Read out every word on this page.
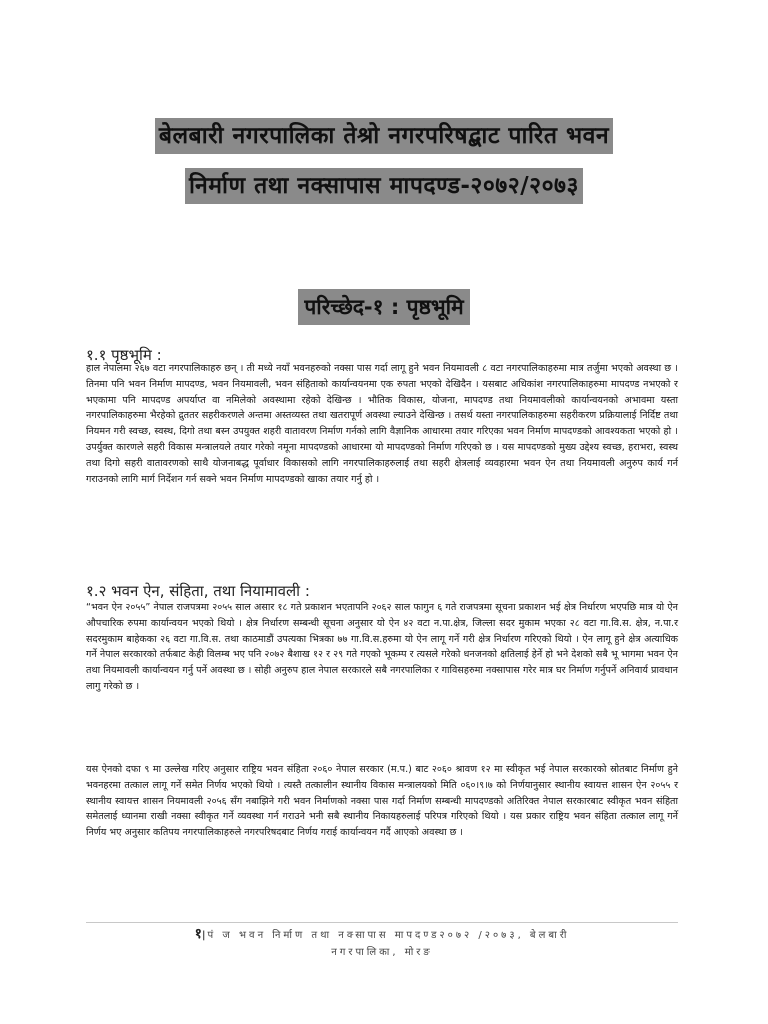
बेलबारी नगरपालिका तेश्रो नगरपरिषद्बाट पारित भवन
निर्माण तथा नक्सापास मापदण्ड-२०७२/२०७३
परिच्छेद-१ : पृष्ठभूमि
१.१ पृष्ठभूमि :

हाल नेपालमा २६७ वटा नगरपालिकाहरु छन् । ती मध्ये नयाँ भवनहरुको नक्सा पास गर्दा लागू हुने भवन नियमावली ८ वटा नगरपालिकाहरुमा मात्र तर्जुमा भएको अवस्था छ । तिनमा पनि भवन निर्माण मापदण्ड, भवन नियमावली, भवन संहिताको कार्यान्वयनमा एक रुपता भएको देखिदैन । यसबाट अधिकांश नगरपालिकाहरुमा मापदण्ड नभएको र भएकामा पनि मापदण्ड अपर्याप्त वा नमिलेको अवस्थामा रहेको देखिन्छ । भौतिक विकास, योजना, मापदण्ड तथा नियमावलीको कार्यान्वयनको अभावमा यस्ता नगरपालिकाहरुमा भैरहेको द्रुततर सहरीकरणले अन्तमा अस्तव्यस्त तथा खतरापूर्ण अवस्था ल्याउने देखिन्छ । तसर्थ यस्ता नगरपालिकाहरुमा सहरीकरण प्रक्रियालाई निर्दिष्ट तथा नियमन गरी स्वच्छ, स्वस्थ, दिगो तथा बस्न उपयुक्त शहरी वातावरण निर्माण गर्नको लागि वैज्ञानिक आधारमा तयार गरिएका भवन निर्माण मापदण्डको आवश्यकता भएको हो । उपर्युक्त कारणले सहरी विकास मन्त्रालयले तयार गरेको नमूना मापदण्डको आधारमा यो मापदण्डको निर्माण गरिएको छ । यस मापदण्डको मुख्य उद्देश्य स्वच्छ, हराभरा, स्वस्थ तथा दिगो सहरी वातावरणको साथै योजनाबद्ध पूर्वाधार विकासको लागि नगरपालिकाहरुलाई तथा सहरी क्षेत्रलाई व्यवहारमा भवन ऐन तथा नियमावली अनुरुप कार्य गर्न गराउनको लागि मार्ग निर्देशन गर्न सक्ने भवन निर्माण मापदण्डको खाका तयार गर्नु हो ।

१.२ भवन ऐन, संहिता, तथा नियामावली :

“भवन ऐन २०५५” नेपाल राजपत्रमा २०५५ साल असार १८ गते प्रकाशन भएतापनि २०६२ साल फागुन ६ गते राजपत्रमा सूचना प्रकाशन भई क्षेत्र निर्धारण भएपछि मात्र यो ऐन औपचारिक रुपमा कार्यान्वयन भएको थियो । क्षेत्र निर्धारण सम्बन्धी सूचना अनुसार यो ऐन ४२ वटा न.पा.क्षेत्र, जिल्ला सदर मुकाम भएका २८ वटा गा.वि.स. क्षेत्र, न.पा.र सदरमुकाम बाहेकका २६ वटा गा.वि.स. तथा काठमाडौं उपत्यका भित्रका ७७ गा.वि.स.हरुमा यो ऐन लागू गर्ने गरी क्षेत्र निर्धारण गरिएको थियो । ऐन लागू हुने क्षेत्र अत्याधिक गर्ने नेपाल सरकारको तर्फबाट केही विलम्ब भए पनि २०७२ बैशाख १२ र २९ गते गएको भूकम्प र त्यसले गरेको धनजनको क्षतिलाई हेर्ने हो भने देशको सबै भू भागमा भवन ऐन तथा नियमावली कार्यान्वयन गर्नु पर्ने अवस्था छ । सोही अनुरुप हाल नेपाल सरकारले सबै नगरपालिका र गाविसहरुमा नक्सापास गरेर मात्र घर निर्माण गर्नुपर्ने अनिवार्य प्रावधान लागु गरेको छ ।

यस ऐनको दफा ९ मा उल्लेख गरिए अनुसार राष्ट्रिय भवन संहिता २०६० नेपाल सरकार (म.प.) बाट २०६० श्रावण १२ मा स्वीकृत भई नेपाल सरकारको स्रोतबाट निर्माण हुने भवनहरमा तत्काल लागू गर्ने समेत निर्णय भएको थियो । त्यस्तै तत्कालीन स्थानीय विकास मन्त्रालयको मिति ०६०।९।७ को निर्णयानुसार स्थानीय स्वायत्त शासन ऐन २०५५ र स्थानीय स्वायत्त शासन नियमावली २०५६ सँग नबाझिने गरी भवन निर्माणको नक्सा पास गर्दा निर्माण सम्बन्धी मापदण्डको अतिरिक्त नेपाल सरकारबाट स्वीकृत भवन संहिता समेतलाई ध्यानमा राखी नक्सा स्वीकृत गर्ने व्यवस्था गर्न गराउने भनी सबै स्थानीय निकायहरुलाई परिपत्र गरिएको थियो । यस प्रकार राष्ट्रिय भवन संहिता तत्काल लागू गर्ने निर्णय भए अनुसार कतिपय नगरपालिकाहरुले नगरपरिषदबाट निर्णय गराई कार्यान्वयन गर्दै आएको अवस्था छ ।

१| पं ज भवन निर्माण तथा नक्सापास मापदण्ड२०७२ /२०७३, बेलबारी
नगरपालिका, मोरङ
